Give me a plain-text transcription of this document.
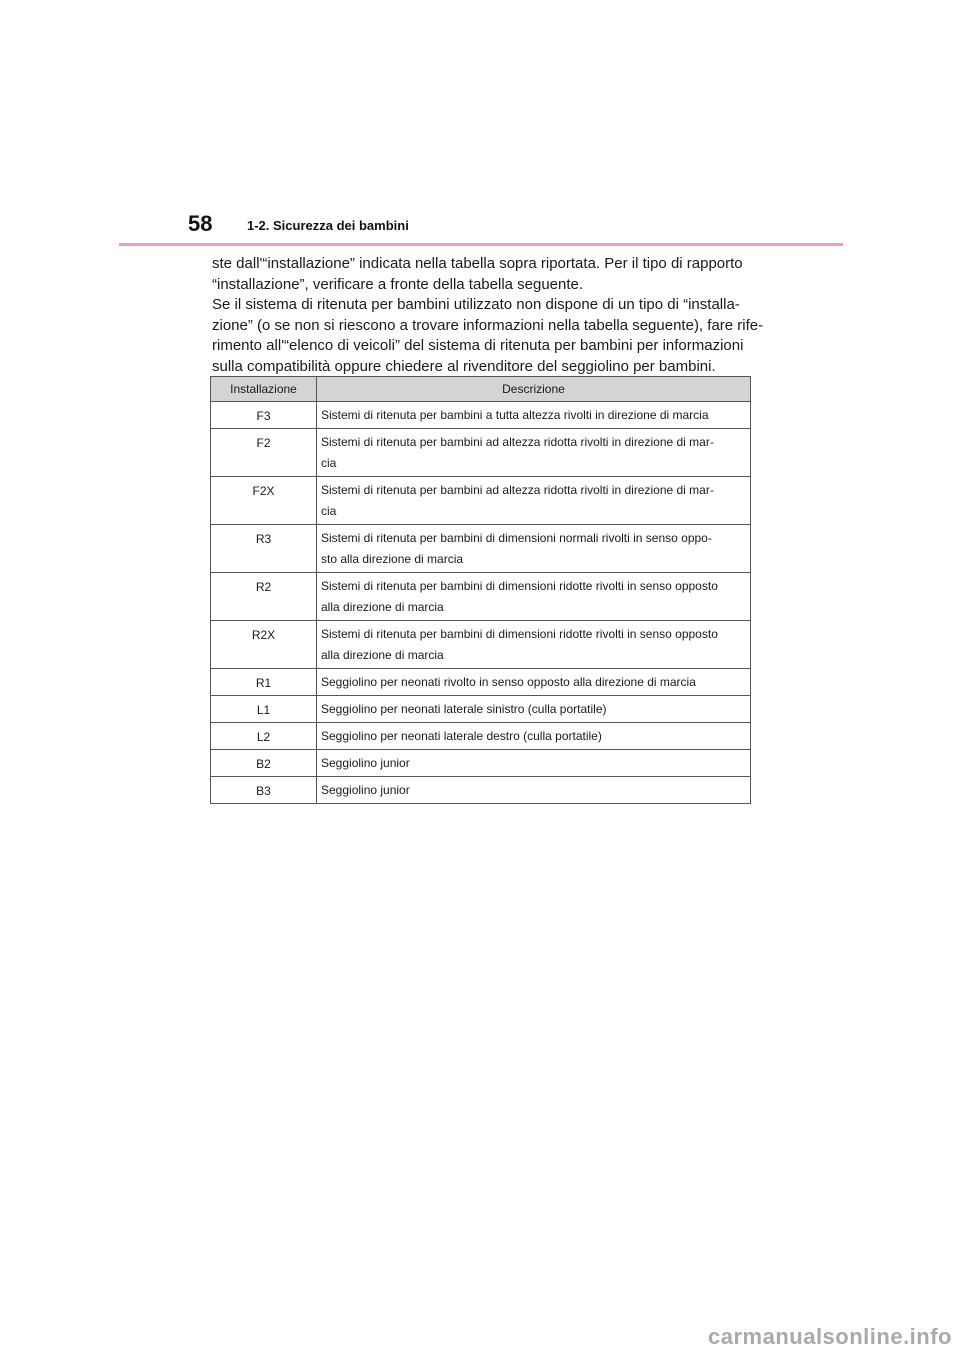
58	1-2. Sicurezza dei bambini

ste dall'“installazione” indicata nella tabella sopra riportata. Per il tipo di rapporto
“installazione”, verificare a fronte della tabella seguente.
Se il sistema di ritenuta per bambini utilizzato non dispone di un tipo di “installa-
zione” (o se non si riescono a trovare informazioni nella tabella seguente), fare rife-
rimento all'“elenco di veicoli” del sistema di ritenuta per bambini per informazioni
sulla compatibilità oppure chiedere al rivenditore del seggiolino per bambini.

Installazione	Descrizione
F3	Sistemi di ritenuta per bambini a tutta altezza rivolti in direzione di marcia

F2	Sistemi di ritenuta per bambini ad altezza ridotta rivolti in direzione di mar-
cia

F2X	Sistemi di ritenuta per bambini ad altezza ridotta rivolti in direzione di mar-
cia

R3	Sistemi di ritenuta per bambini di dimensioni normali rivolti in senso oppo-
sto alla direzione di marcia

R2	Sistemi di ritenuta per bambini di dimensioni ridotte rivolti in senso opposto
alla direzione di marcia

R2X	Sistemi di ritenuta per bambini di dimensioni ridotte rivolti in senso opposto
alla direzione di marcia

R1	Seggiolino per neonati rivolto in senso opposto alla direzione di marcia

L1	Seggiolino per neonati laterale sinistro (culla portatile)

L2	Seggiolino per neonati laterale destro (culla portatile)

B2	Seggiolino junior

B3	Seggiolino junior
carmanualsonline.info
